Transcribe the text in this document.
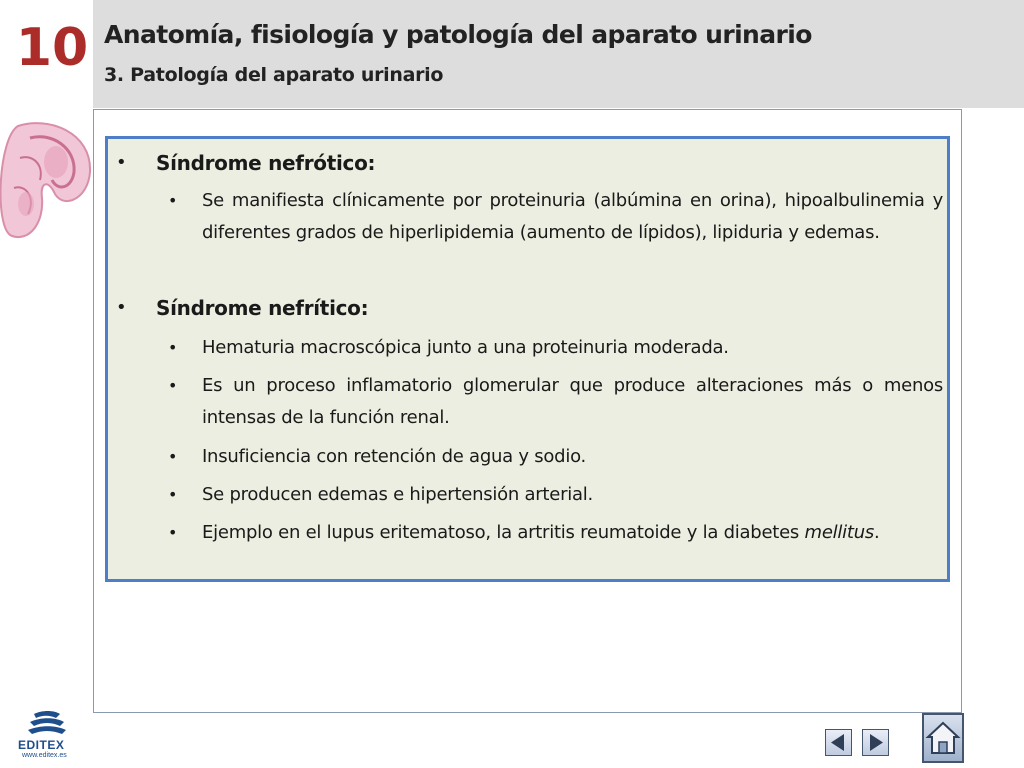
10 Anatomía, fisiología y patología del aparato urinario
3. Patología del aparato urinario
• Síndrome nefrótico:
• Se manifiesta clínicamente por proteinuria (albúmina en orina), hipoalbulinemia y diferentes grados de hiperlipidemia (aumento de lípidos), lipiduria y edemas.
• Síndrome nefrítico:
• Hematuria macroscópica junto a una proteinuria moderada.
• Es un proceso inflamatorio glomerular que produce alteraciones más o menos intensas de la función renal.
• Insuficiencia con retención de agua y sodio.
• Se producen edemas e hipertensión arterial.
• Ejemplo en el lupus eritematoso, la artritis reumatoide y la diabetes mellitus.
EDITEX
www.editex.es
